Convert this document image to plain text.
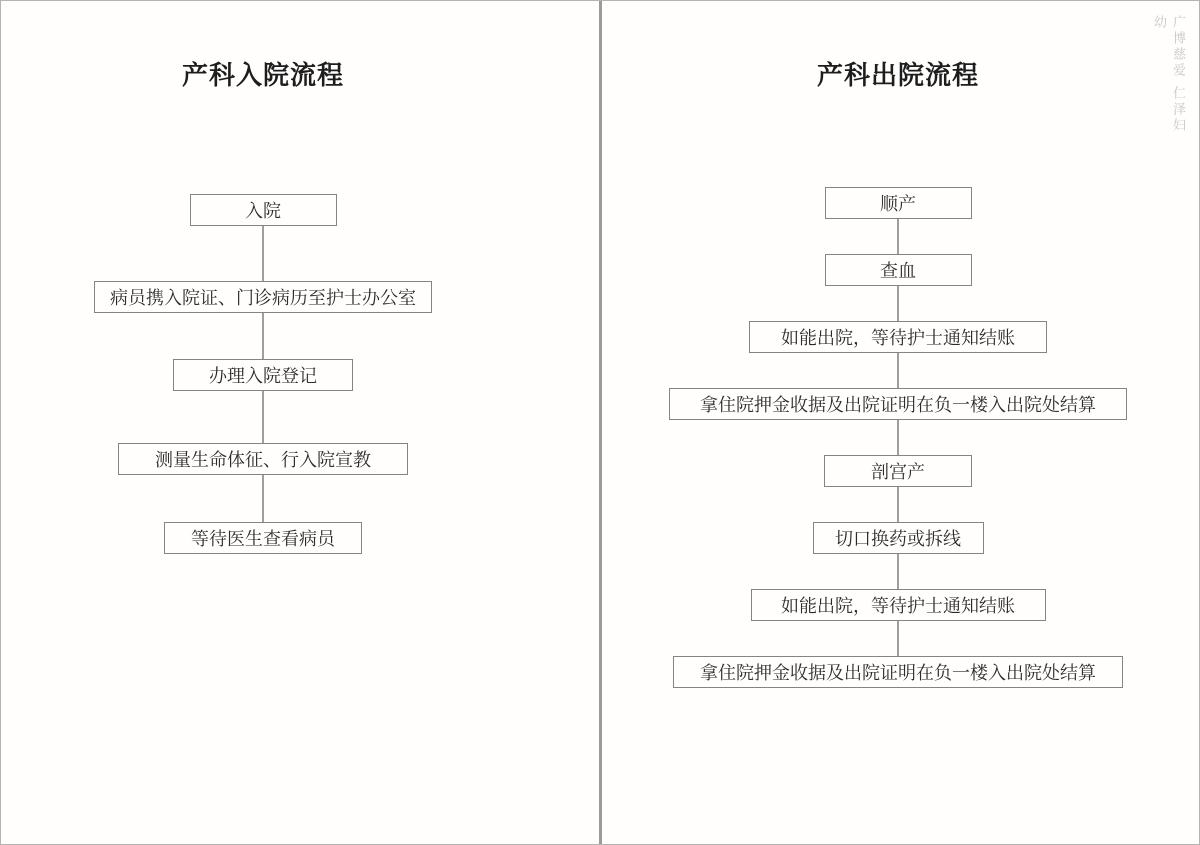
产科入院流程
入院
病员携入院证、门诊病历至护士办公室
办理入院登记
测量生命体征、行入院宣教
等待医生查看病员
产科出院流程
顺产
查血
如能出院，等待护士通知结账
拿住院押金收据及出院证明在负一楼入出院处结算
剖宫产
切口换药或拆线
如能出院，等待护士通知结账
拿住院押金收据及出院证明在负一楼入出院处结算
广博慈爱 仁泽妇幼
